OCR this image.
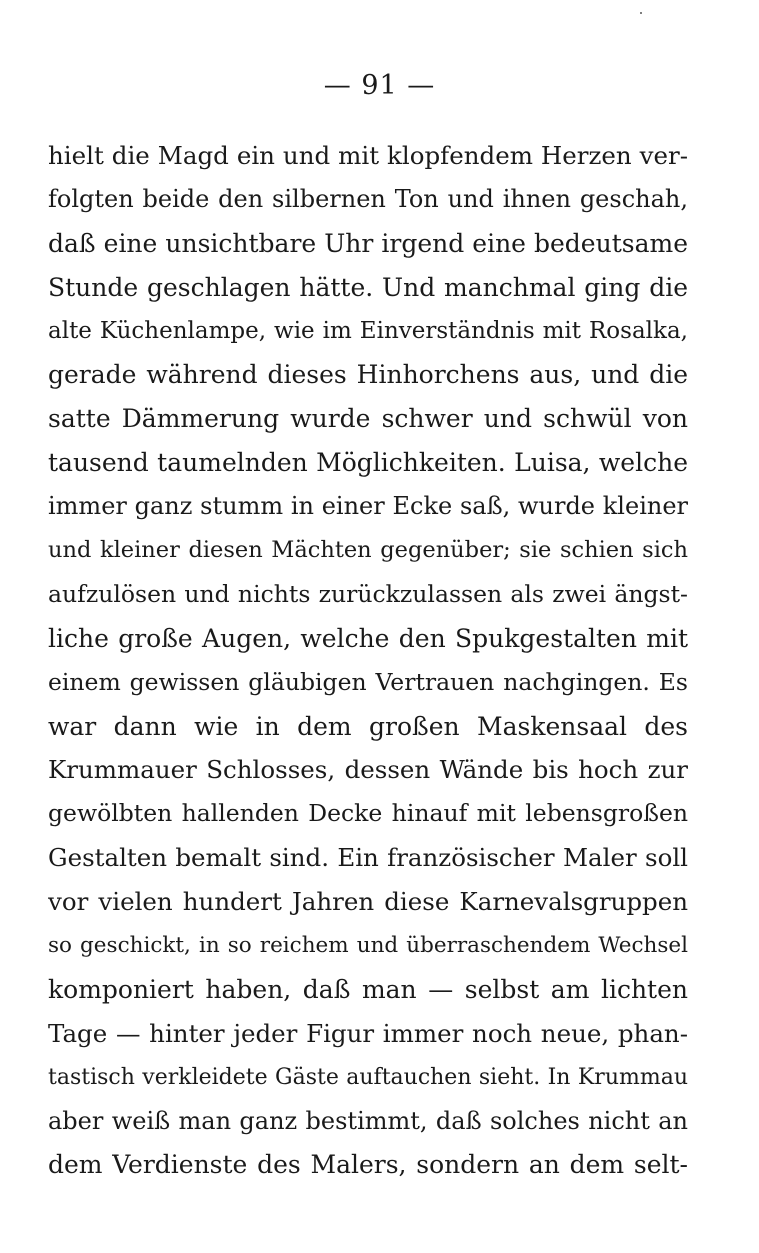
— 91 —
hielt die Magd ein und mit klopfendem Herzen ver-
folgten beide den silbernen Ton und ihnen geschah,
daß eine unsichtbare Uhr irgend eine bedeutsame
Stunde geschlagen hätte. Und manchmal ging die
alte Küchenlampe, wie im Einverständnis mit Rosalka,
gerade während dieses Hinhorchens aus, und die
satte Dämmerung wurde schwer und schwül von
tausend taumelnden Möglichkeiten. Luisa, welche
immer ganz stumm in einer Ecke saß, wurde kleiner
und kleiner diesen Mächten gegenüber; sie schien sich
aufzulösen und nichts zurückzulassen als zwei ängst-
liche große Augen, welche den Spukgestalten mit
einem gewissen gläubigen Vertrauen nachgingen. Es
war dann wie in dem großen Maskensaal des
Krummauer Schlosses, dessen Wände bis hoch zur
gewölbten hallenden Decke hinauf mit lebensgroßen
Gestalten bemalt sind. Ein französischer Maler soll
vor vielen hundert Jahren diese Karnevalsgruppen
so geschickt, in so reichem und überraschendem Wechsel
komponiert haben, daß man — selbst am lichten
Tage — hinter jeder Figur immer noch neue, phan-
tastisch verkleidete Gäste auftauchen sieht. In Krummau
aber weiß man ganz bestimmt, daß solches nicht an
dem Verdienste des Malers, sondern an dem selt-
